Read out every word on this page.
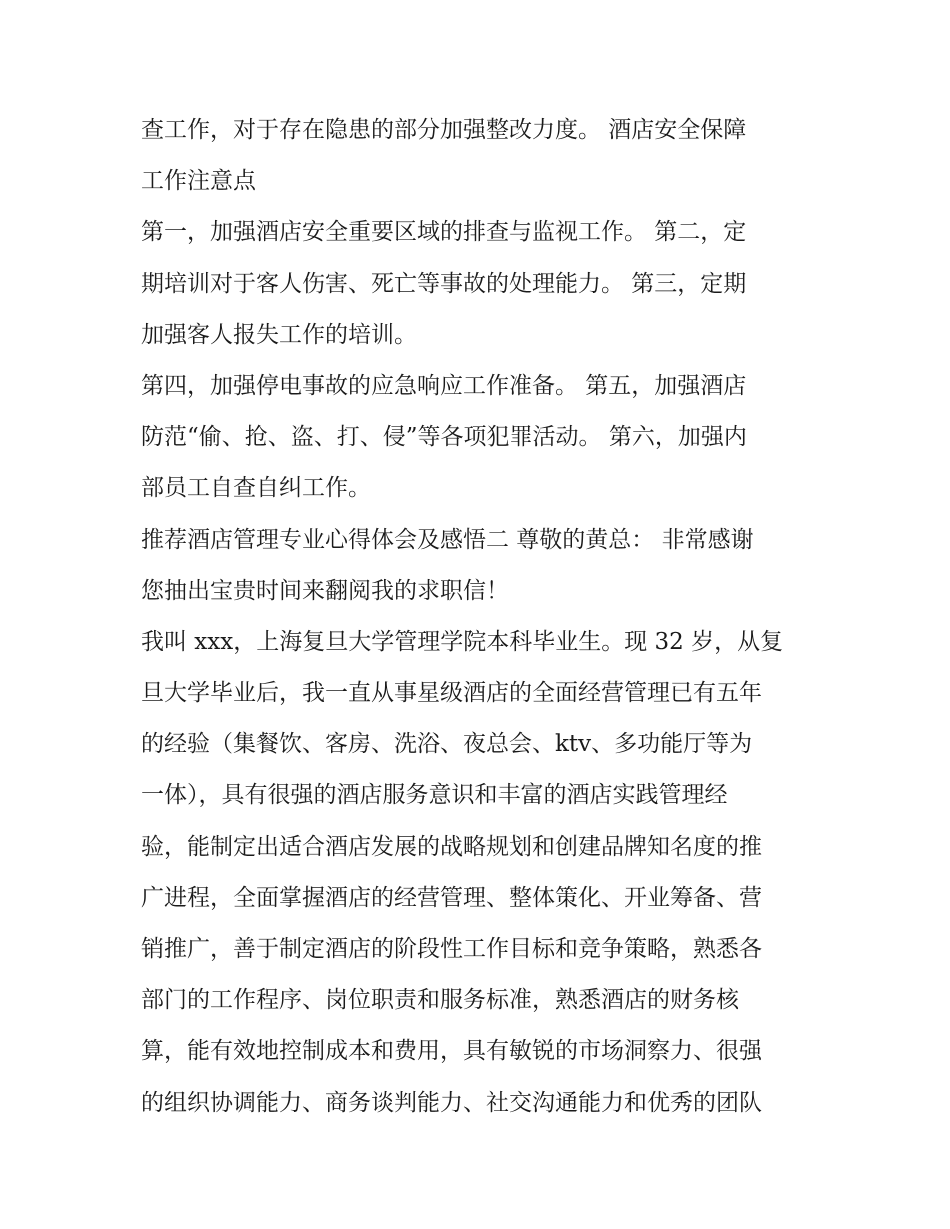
查工作，对于存在隐患的部分加强整改力度。 酒店安全保障
工作注意点
第一，加强酒店安全重要区域的排查与监视工作。 第二，定
期培训对于客人伤害、死亡等事故的处理能力。 第三，定期
加强客人报失工作的培训。
第四，加强停电事故的应急响应工作准备。 第五，加强酒店
防范“偷、抢、盗、打、侵”等各项犯罪活动。 第六，加强内
部员工自查自纠工作。
推荐酒店管理专业心得体会及感悟二 尊敬的黄总： 非常感谢
您抽出宝贵时间来翻阅我的求职信！
我叫 xxx，上海复旦大学管理学院本科毕业生。现 32 岁，从复
旦大学毕业后，我一直从事星级酒店的全面经营管理已有五年
的经验（集餐饮、客房、洗浴、夜总会、ktv、多功能厅等为
一体），具有很强的酒店服务意识和丰富的酒店实践管理经
验，能制定出适合酒店发展的战略规划和创建品牌知名度的推
广进程，全面掌握酒店的经营管理、整体策化、开业筹备、营
销推广，善于制定酒店的阶段性工作目标和竞争策略，熟悉各
部门的工作程序、岗位职责和服务标准，熟悉酒店的财务核
算，能有效地控制成本和费用，具有敏锐的市场洞察力、很强
的组织协调能力、商务谈判能力、社交沟通能力和优秀的团队
